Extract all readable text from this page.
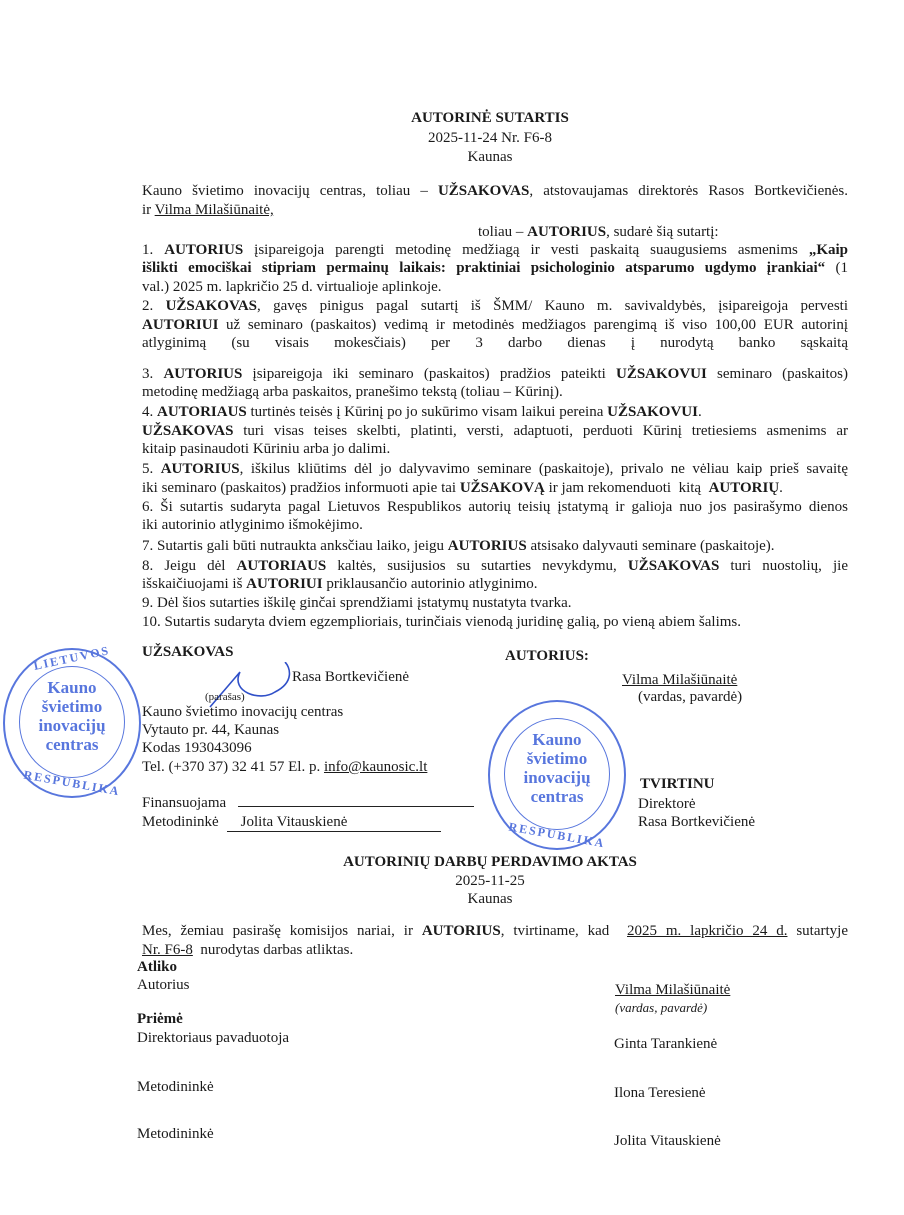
AUTORINĖ SUTARTIS
2025-11-24 Nr. F6-8
Kaunas
Kauno švietimo inovacijų centras, toliau – UŽSAKOVAS, atstovaujamas direktorės Rasos Bortkevičienės.
ir Vilma Milašiūnaitė,
toliau – AUTORIUS, sudarė šią sutartį:
1. AUTORIUS įsipareigoja parengti metodinę medžiagą ir vesti paskaitą suaugusiems asmenims „Kaip
išlikti emociškai stipriam permainų laikais: praktiniai psichologinio atsparumo ugdymo įrankiai“ (1
val.) 2025 m. lapkričio 25 d. virtualioje aplinkoje.
2. UŽSAKOVAS, gavęs pinigus pagal sutartį iš ŠMM/ Kauno m. savivaldybės, įsipareigoja pervesti
AUTORIUI už seminaro (paskaitos) vedimą ir metodinės medžiagos parengimą iš viso 100,00 EUR autorinį
atlyginimą (su visais mokesčiais) per 3 darbo dienas į nurodytą banko sąskaitą
3. AUTORIUS įsipareigoja iki seminaro (paskaitos) pradžios pateikti UŽSAKOVUI seminaro (paskaitos)
metodinę medžiagą arba paskaitos, pranešimo tekstą (toliau – Kūrinį).
4. AUTORIAUS turtinės teisės į Kūrinį po jo sukūrimo visam laikui pereina UŽSAKOVUI.
UŽSAKOVAS turi visas teises skelbti, platinti, versti, adaptuoti, perduoti Kūrinį tretiesiems asmenims ar
kitaip pasinaudoti Kūriniu arba jo dalimi.
5. AUTORIUS, iškilus kliūtims dėl jo dalyvavimo seminare (paskaitoje), privalo ne vėliau kaip prieš savaitę
iki seminaro (paskaitos) pradžios informuoti apie tai UŽSAKOVĄ ir jam rekomenduoti  kitą  AUTORIŲ.
6. Ši sutartis sudaryta pagal Lietuvos Respublikos autorių teisių įstatymą ir galioja nuo jos pasirašymo dienos
iki autorinio atlyginimo išmokėjimo.
7. Sutartis gali būti nutraukta anksčiau laiko, jeigu AUTORIUS atsisako dalyvauti seminare (paskaitoje).
8. Jeigu dėl AUTORIAUS kaltės, susijusios su sutarties nevykdymu, UŽSAKOVAS turi nuostolių, jie
išskaičiuojami iš AUTORIUI priklausančio autorinio atlyginimo.
9. Dėl šios sutarties iškilę ginčai sprendžiami įstatymų nustatyta tvarka.
10. Sutartis sudaryta dviem egzemplioriais, turinčiais vienodą juridinę galią, po vieną abiem šalims.
LIETUVOS
RESPUBLIKA
Kauno
švietimo
inovacijų
centras
UŽSAKOVAS
Rasa Bortkevičienė
(parašas)
Kauno švietimo inovacijų centras
Vytauto pr. 44, Kaunas
Kodas 193043096
Tel. (+370 37) 32 41 57 El. p. info@kaunosic.lt
Finansuojama
Metodininkė Jolita Vitauskienė
AUTORIUS:
Vilma Milašiūnaitė
(vardas, pavardė)
RESPUBLIKA
Kauno
švietimo
inovacijų
centras
TVIRTINU
Direktorė
Rasa Bortkevičienė
AUTORINIŲ DARBŲ PERDAVIMO AKTAS
2025-11-25
Kaunas
Mes, žemiau pasirašę komisijos nariai, ir AUTORIUS, tvirtiname, kad  2025 m. lapkričio 24 d. sutartyje
Nr. F6-8  nurodytas darbas atliktas.
Atliko
Autorius	Vilma Milašiūnaitė
(vardas, pavardė)
Priėmė
Direktoriaus pavaduotoja	Ginta Tarankienė
Metodininkė	Ilona Teresienė
Metodininkė	Jolita Vitauskienė
